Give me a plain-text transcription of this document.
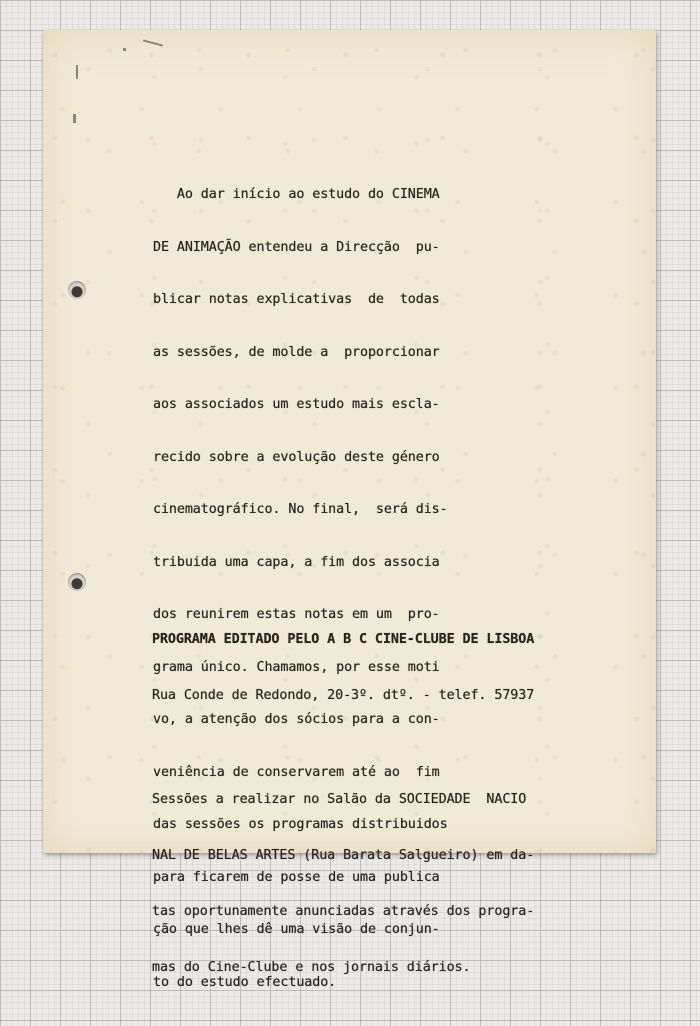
Ao dar início ao estudo do CINEMA

DE ANIMAÇÃO entendeu a Direcção  pu-

blicar notas explicativas  de  todas

as sessões, de molde a  proporcionar

aos associados um estudo mais escla-

recido sobre a evolução deste género

cinematográfico. No final,  será dis-

tribuida uma capa, a fim dos associa

dos reunirem estas notas em um  pro-

grama único. Chamamos, por esse moti

vo, a atenção dos sócios para a con-

veniência de conservarem até ao  fim

das sessões os programas distribuidos

para ficarem de posse de uma publica

ção que lhes dê uma visão de conjun-

to do estudo efectuado.

PROGRAMA EDITADO PELO A B C CINE-CLUBE DE LISBOA

Rua Conde de Redondo, 20-3º. dtº. - telef. 57937

Sessões a realizar no Salão da SOCIEDADE  NACIO

NAL DE BELAS ARTES (Rua Barata Salgueiro) em da-

tas oportunamente anunciadas através dos progra-

mas do Cine-Clube e nos jornais diários.
